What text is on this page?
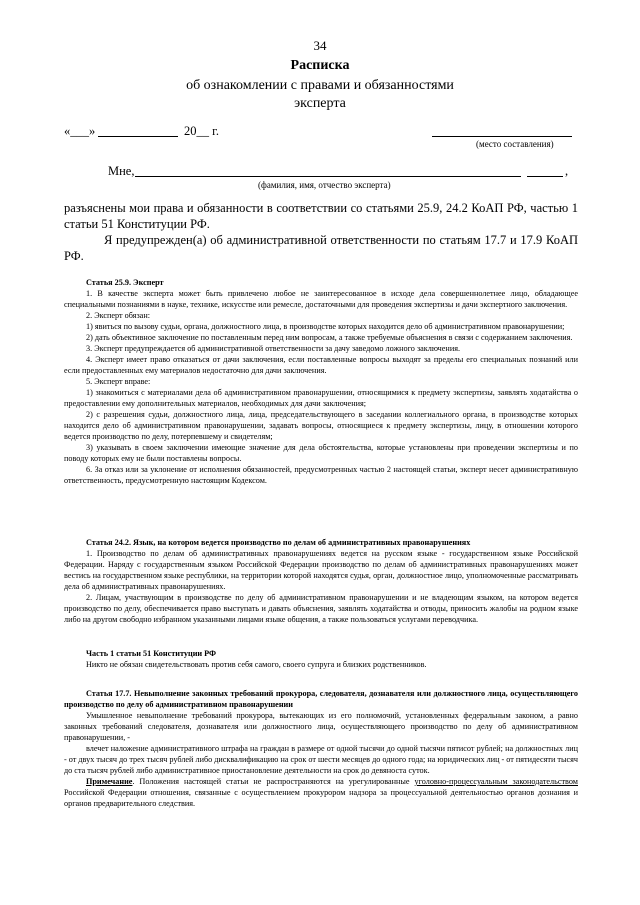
34
Расписка
об ознакомлении с правами и обязанностями
эксперта
«___»	20__ г.
(место составления)
Мне,	,
(фамилия, имя, отчество эксперта)

разъяснены мои права и обязанности в соответствии со статьями 25.9, 24.2 КоАП РФ, частью 1 статьи 51 Конституции РФ.

Я предупрежден(а) об административной ответственности по статьям 17.7 и 17.9 КоАП РФ.

Статья 25.9. Эксперт

1. В качестве эксперта может быть привлечено любое не заинтересованное в исходе дела совершеннолетнее лицо, обладающее специальными познаниями в науке, технике, искусстве или ремесле, достаточными для проведения экспертизы и дачи экспертного заключения.

2. Эксперт обязан:

1) явиться по вызову судьи, органа, должностного лица, в производстве которых находится дело об административном правонарушении;

2) дать объективное заключение по поставленным перед ним вопросам, а также требуемые объяснения в связи с содержанием заключения.

3. Эксперт предупреждается об административной ответственности за дачу заведомо ложного заключения.

4. Эксперт имеет право отказаться от дачи заключения, если поставленные вопросы выходят за пределы его специальных познаний или если предоставленных ему материалов недостаточно для дачи заключения.

5. Эксперт вправе:

1) знакомиться с материалами дела об административном правонарушении, относящимися к предмету экспертизы, заявлять ходатайства о предоставлении ему дополнительных материалов, необходимых для дачи заключения;

2) с разрешения судьи, должностного лица, лица, председательствующего в заседании коллегиального органа, в производстве которых находится дело об административном правонарушении, задавать вопросы, относящиеся к предмету экспертизы, лицу, в отношении которого ведется производство по делу, потерпевшему и свидетелям;

3) указывать в своем заключении имеющие значение для дела обстоятельства, которые установлены при проведении экспертизы и по поводу которых ему не были поставлены вопросы.

6. За отказ или за уклонение от исполнения обязанностей, предусмотренных частью 2 настоящей статьи, эксперт несет административную ответственность, предусмотренную настоящим Кодексом.

Статья 24.2. Язык, на котором ведется производство по делам об административных правонарушениях

1. Производство по делам об административных правонарушениях ведется на русском языке - государственном языке Российской Федерации. Наряду с государственным языком Российской Федерации производство по делам об административных правонарушениях может вестись на государственном языке республики, на территории которой находятся судья, орган, должностное лицо, уполномоченные рассматривать дела об административных правонарушениях.

2. Лицам, участвующим в производстве по делу об административном правонарушении и не владеющим языком, на котором ведется производство по делу, обеспечивается право выступать и давать объяснения, заявлять ходатайства и отводы, приносить жалобы на родном языке либо на другом свободно избранном указанными лицами языке общения, а также пользоваться услугами переводчика.

Часть 1 статьи 51 Конституции РФ

Никто не обязан свидетельствовать против себя самого, своего супруга и близких родственников.

Статья 17.7. Невыполнение законных требований прокурора, следователя, дознавателя или должностного лица, осуществляющего производство по делу об административном правонарушении

Умышленное невыполнение требований прокурора, вытекающих из его полномочий, установленных федеральным законом, а равно законных требований следователя, дознавателя или должностного лица, осуществляющего производство по делу об административном правонарушении, -

влечет наложение административного штрафа на граждан в размере от одной тысячи до одной тысячи пятисот рублей; на должностных лиц - от двух тысяч до трех тысяч рублей либо дисквалификацию на срок от шести месяцев до одного года; на юридических лиц - от пятидесяти тысяч до ста тысяч рублей либо административное приостановление деятельности на срок до девяноста суток.

Примечание. Положения настоящей статьи не распространяются на урегулированные уголовно-процессуальным законодательством Российской Федерации отношения, связанные с осуществлением прокурором надзора за процессуальной деятельностью органов дознания и органов предварительного следствия.
